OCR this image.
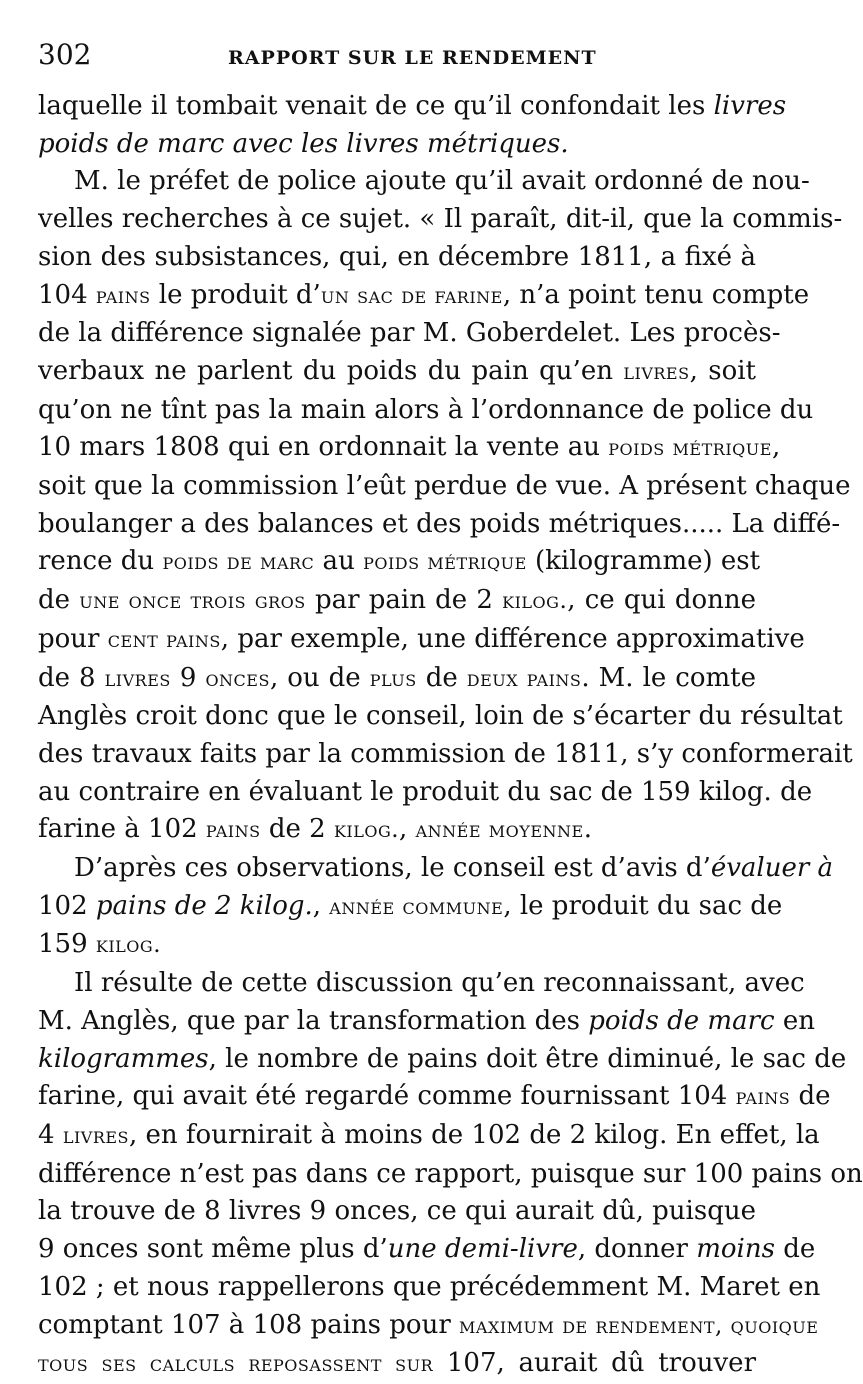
302	RAPPORT SUR LE RENDEMENT
laquelle il tombait venait de ce qu’il confondait les livres
poids de marc avec les livres métriques.
M. le préfet de police ajoute qu’il avait ordonné de nou-
velles recherches à ce sujet. « Il paraît, dit-il, que la commis-
sion des subsistances, qui, en décembre 1811, a fixé à
104 pains le produit d’un sac de farine, n’a point tenu compte
de la différence signalée par M. Goberdelet. Les procès-
verbaux ne parlent du poids du pain qu’en livres, soit
qu’on ne tînt pas la main alors à l’ordonnance de police du
10 mars 1808 qui en ordonnait la vente au poids métrique,
soit que la commission l’eût perdue de vue. A présent chaque
boulanger a des balances et des poids métriques..... La diffé-
rence du poids de marc au poids métrique (kilogramme) est
de une once trois gros par pain de 2 kilog., ce qui donne
pour cent pains, par exemple, une différence approximative
de 8 livres 9 onces, ou de plus de deux pains. M. le comte
Anglès croit donc que le conseil, loin de s’écarter du résultat
des travaux faits par la commission de 1811, s’y conformerait
au contraire en évaluant le produit du sac de 159 kilog. de
farine à 102 pains de 2 kilog., année moyenne.
D’après ces observations, le conseil est d’avis d’évaluer à
102 pains de 2 kilog., année commune, le produit du sac de
159 kilog.
Il résulte de cette discussion qu’en reconnaissant, avec
M. Anglès, que par la transformation des poids de marc en
kilogrammes, le nombre de pains doit être diminué, le sac de
farine, qui avait été regardé comme fournissant 104 pains de
4 livres, en fournirait à moins de 102 de 2 kilog. En effet, la
différence n’est pas dans ce rapport, puisque sur 100 pains on
la trouve de 8 livres 9 onces, ce qui aurait dû, puisque
9 onces sont même plus d’une demi-livre, donner moins de
102 ; et nous rappellerons que précédemment M. Maret en
comptant 107 à 108 pains pour maximum de rendement, quoique
tous ses calculs reposassent sur 107, aurait dû trouver
